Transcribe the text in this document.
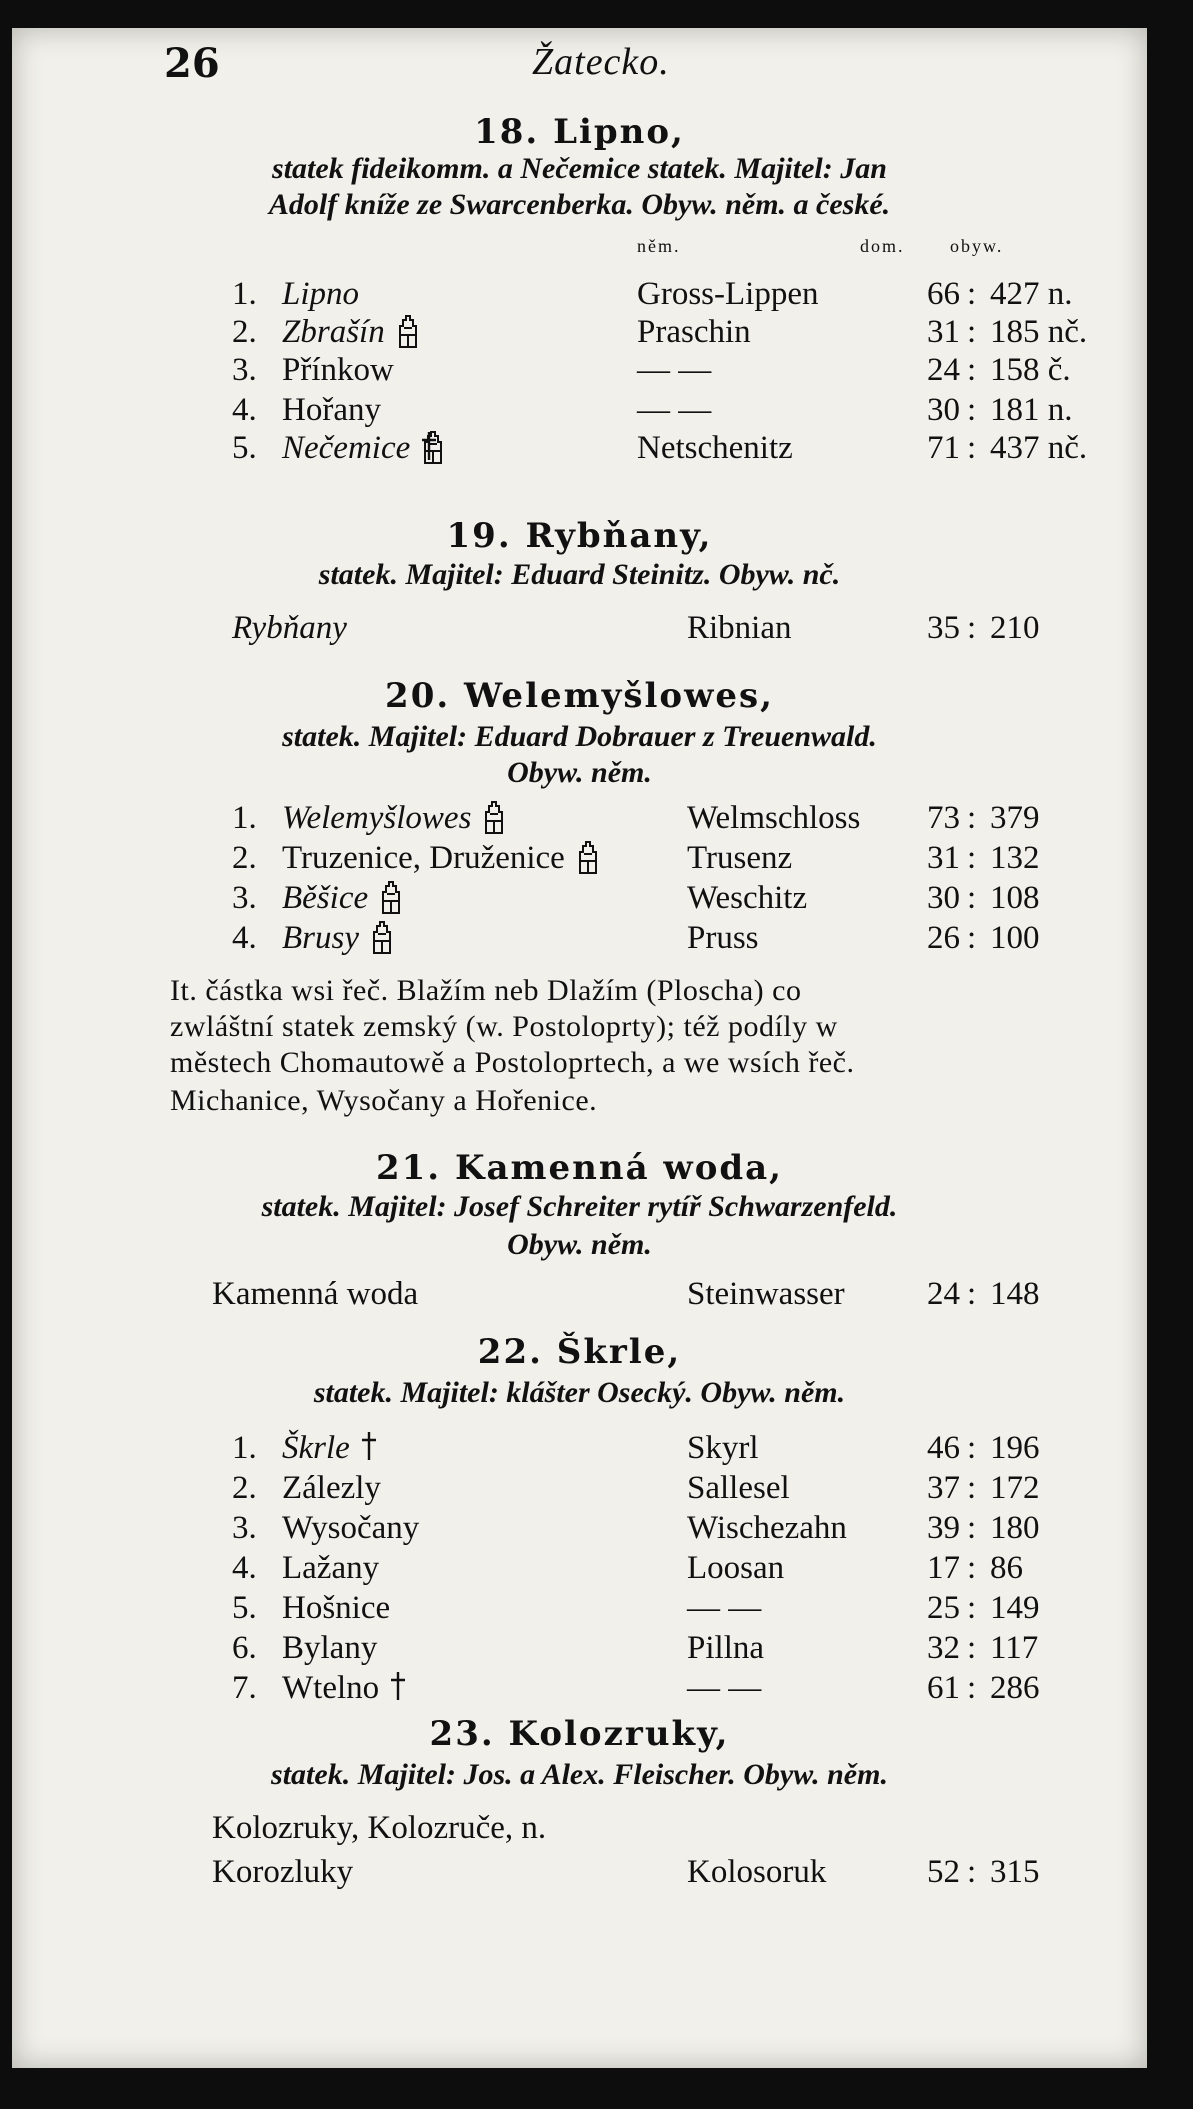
26	Žatecko.
něm.	dom.	obyw.
18. Lipno,
statek fideikomm. a Nečemice statek. Majitel: Jan
Adolf kníže ze Swarcenberka. Obyw. něm. a české.
1. Lipno	Gross-Lippen	66 : 427 n.
2. Zbrašín	Praschin	31 : 185 nč.
3. Přínkow	— —	24 : 158 č.
4. Hořany	— —	30 : 181 n.
5. Nečemice	Netschenitz	71 : 437 nč.
19. Rybňany,
statek. Majitel: Eduard Steinitz. Obyw. nč.
Rybňany	Ribnian	35 : 210
20. Welemyšlowes,
statek. Majitel: Eduard Dobrauer z Treuenwald.
Obyw. něm.
1. Welemyšlowes	Welmschloss	73 : 379
2. Truzenice, Druženice	Trusenz	31 : 132
3. Běšice	Weschitz	30 : 108
4. Brusy	Pruss	26 : 100
It. částka wsi řeč. Blažím neb Dlažím (Ploscha) co
zwláštní statek zemský (w. Postoloprty); též podíly w
městech Chomautowě a Postoloprtech, a we wsích řeč.
Michanice, Wysočany a Hořenice.
21. Kamenná woda,
statek. Majitel: Josef Schreiter rytíř Schwarzenfeld.
Obyw. něm.
Kamenná woda	Steinwasser	24 : 148
22. Škrle,
statek. Majitel: klášter Osecký. Obyw. něm.
1. Škrle	Skyrl	46 : 196
2. Zálezly	Sallesel	37 : 172
3. Wysočany	Wischezahn	39 : 180
4. Lažany	Loosan	17 : 86
5. Hošnice	— —	25 : 149
6. Bylany	Pillna	32 : 117
7. Wtelno	— —	61 : 286
23. Kolozruky,
statek. Majitel: Jos. a Alex. Fleischer. Obyw. něm.
Kolozruky, Kolozruče, n.
Korozluky	Kolosoruk	52 : 315
